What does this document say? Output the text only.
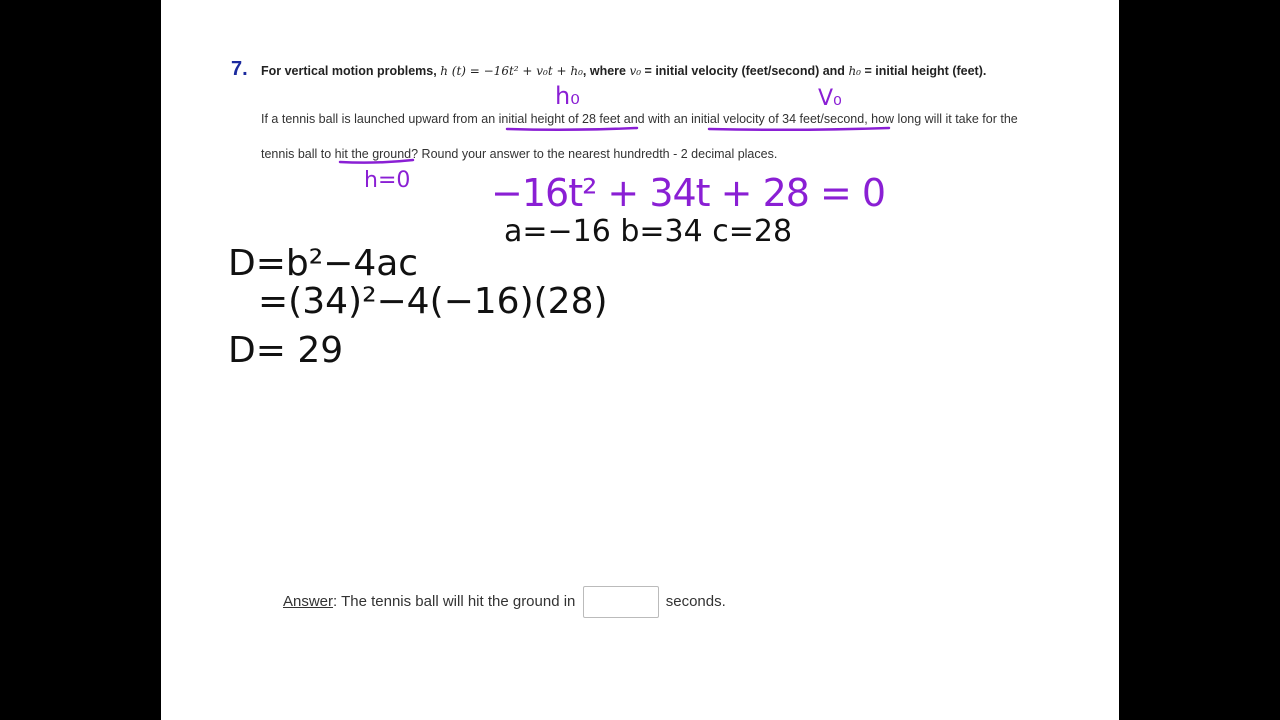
7. For vertical motion problems, h (t) = −16t² + v₀t + h₀, where v₀ = initial velocity (feet/second) and h₀ = initial height (feet).
If a tennis ball is launched upward from an initial height of 28 feet and with an initial velocity of 34 feet/second, how long will it take for the
tennis ball to hit the ground? Round your answer to the nearest hundredth - 2 decimal places.
h₀	V₀
h=0 −16t² + 34t + 28 = 0
a=−16 b=34 c=28
D=b²−4ac
=(34)²−4(−16)(28)
D= 29
Answer: The tennis ball will hit the ground in	seconds.
